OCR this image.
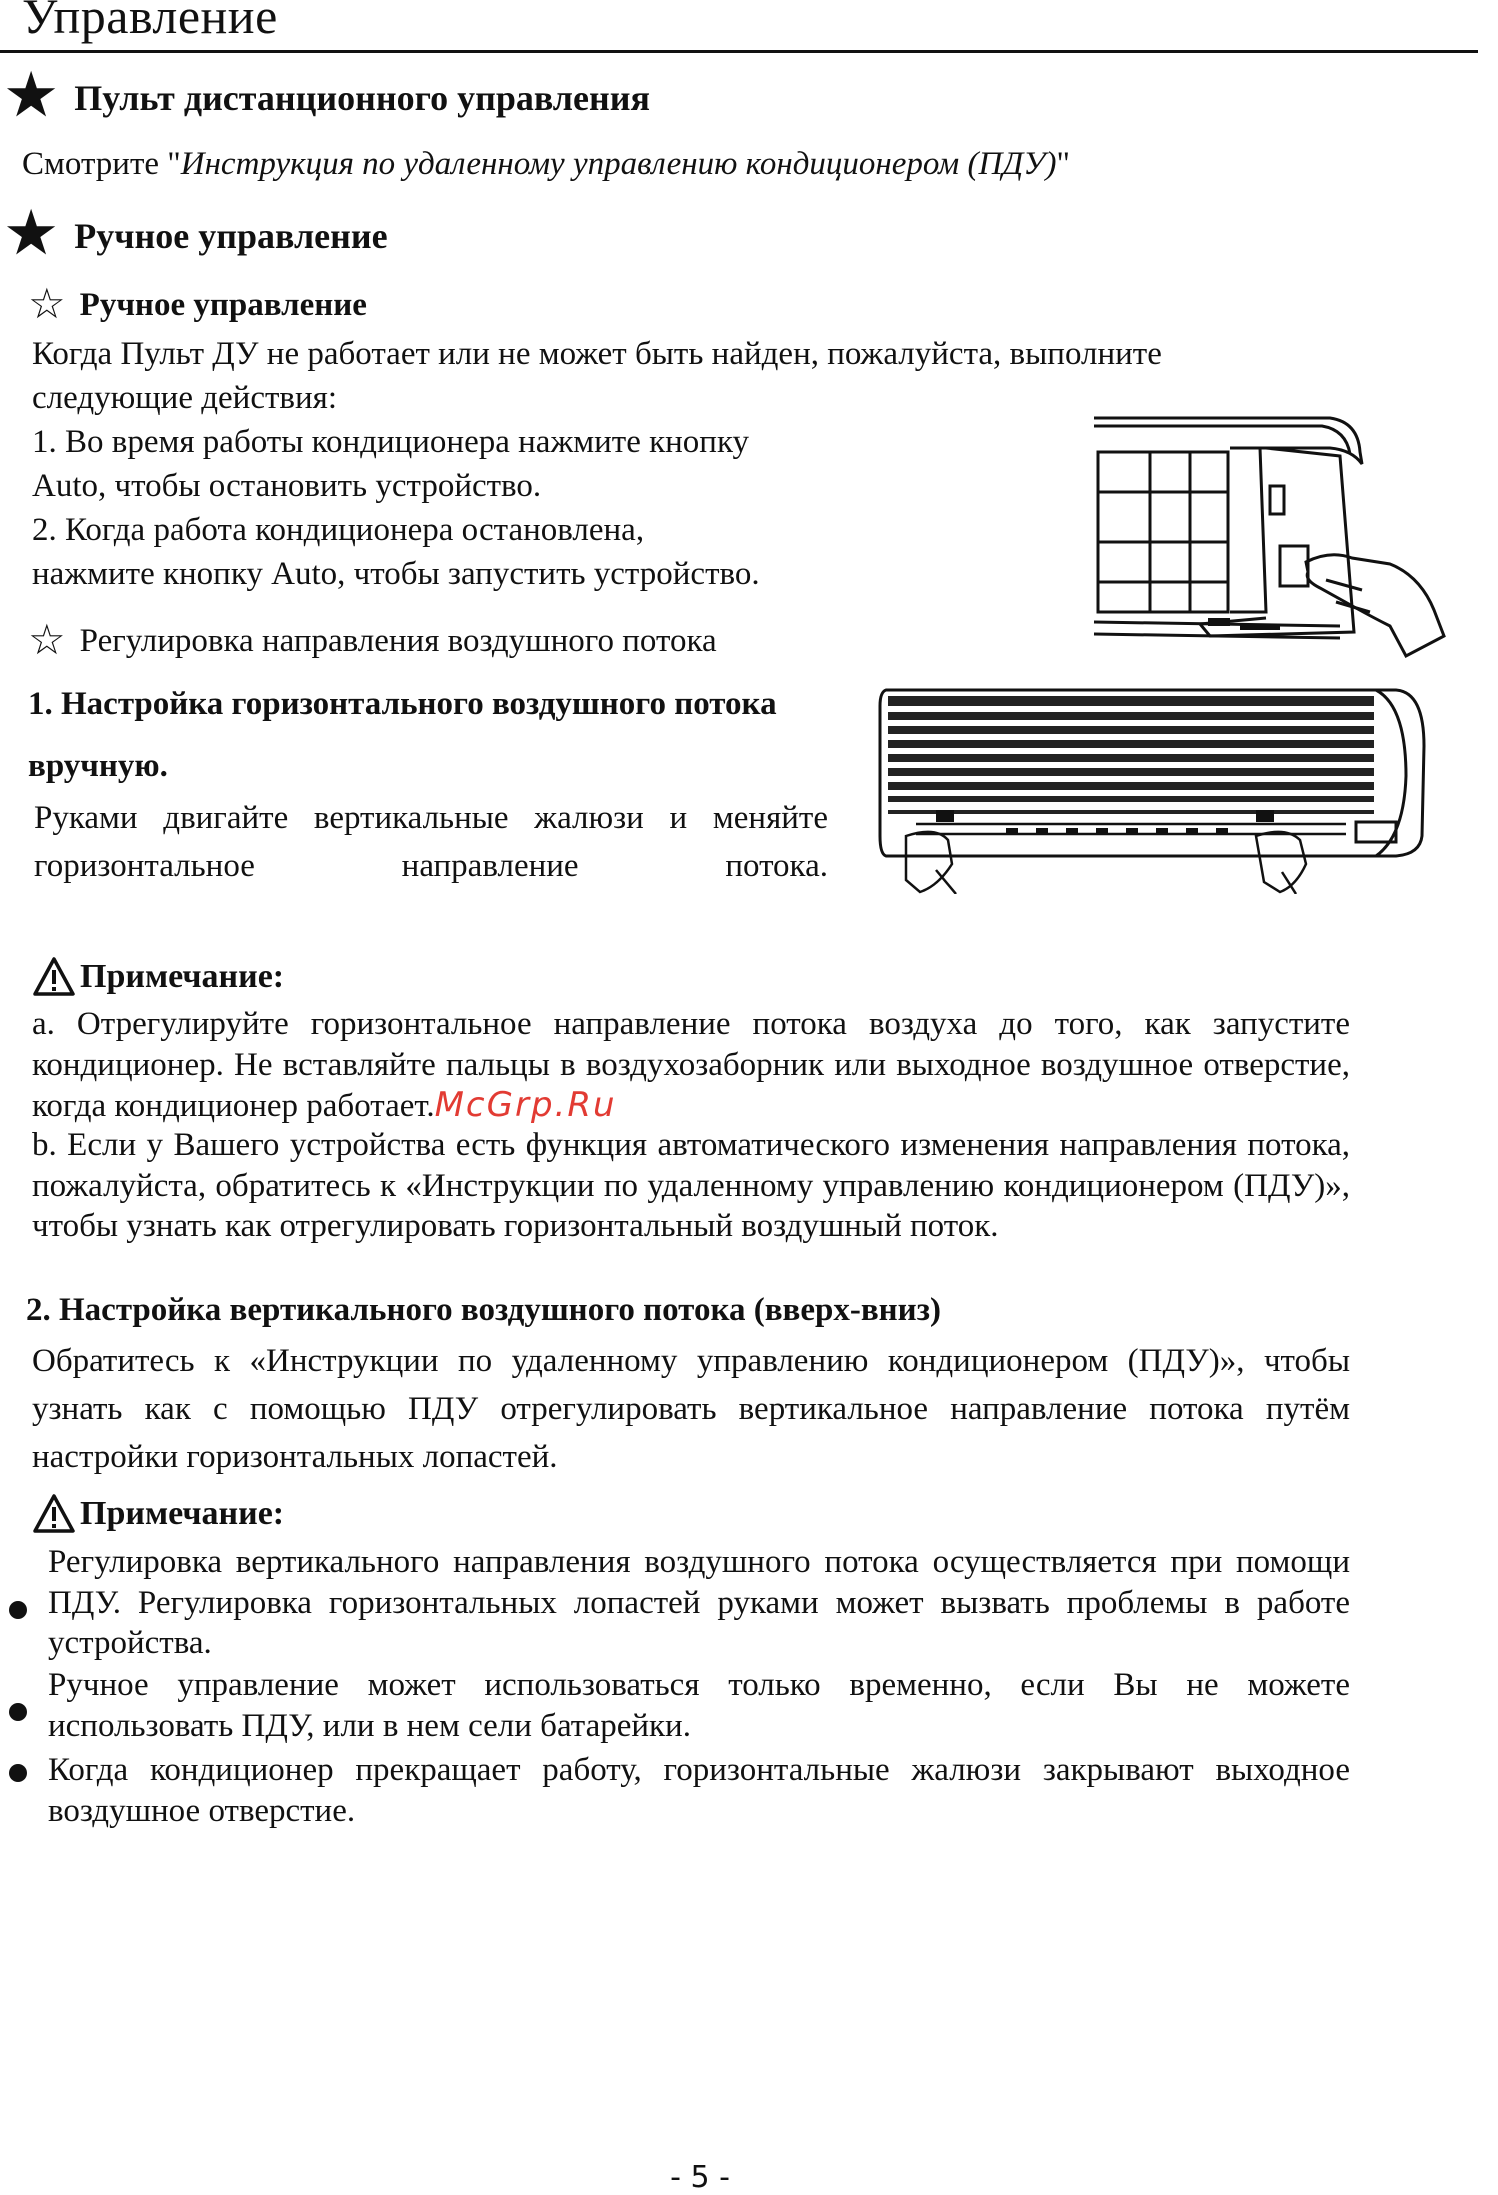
Управление
★ Пульт дистанционного управления
Смотрите "Инструкция по удаленному управлению кондиционером (ПДУ)"
★ Ручное управление
☆ Ручное управление
Когда Пульт ДУ не работает или не может быть найден, пожалуйста, выполните следующие действия:
1. Во время работы кондиционера нажмите кнопку
Auto, чтобы остановить устройство.
2. Когда работа кондиционера остановлена,
нажмите кнопку Auto, чтобы запустить устройство.
☆ Регулировка направления воздушного потока
1. Настройка горизонтального воздушного потока
вручную.
Руками двигайте вертикальные жалюзи и меняйте горизонтальное направление потока.
Примечание:
a. Отрегулируйте горизонтальное направление потока воздуха до того, как запустите кондиционер. Не вставляйте пальцы в воздухозаборник или выходное воздушное отверстие, когда кондиционер работает.McGrp.Ru
b. Если у Вашего устройства есть функция автоматического изменения направления потока, пожалуйста, обратитесь к «Инструкции по удаленному управлению кондиционером (ПДУ)», чтобы узнать как отрегулировать горизонтальный воздушный поток.
2. Настройка вертикального воздушного потока (вверх-вниз)
Обратитесь к «Инструкции по удаленному управлению кондиционером (ПДУ)», чтобы узнать как с помощью ПДУ отрегулировать вертикальное направление потока путём настройки горизонтальных лопастей.
Примечание:
Регулировка вертикального направления воздушного потока осуществляется при помощи ПДУ. Регулировка горизонтальных лопастей руками может вызвать проблемы в работе устройства.
Ручное управление может использоваться только временно, если Вы не можете использовать ПДУ, или в нем сели батарейки.
Когда кондиционер прекращает работу, горизонтальные жалюзи закрывают выходное воздушное отверстие.
- 5 -
